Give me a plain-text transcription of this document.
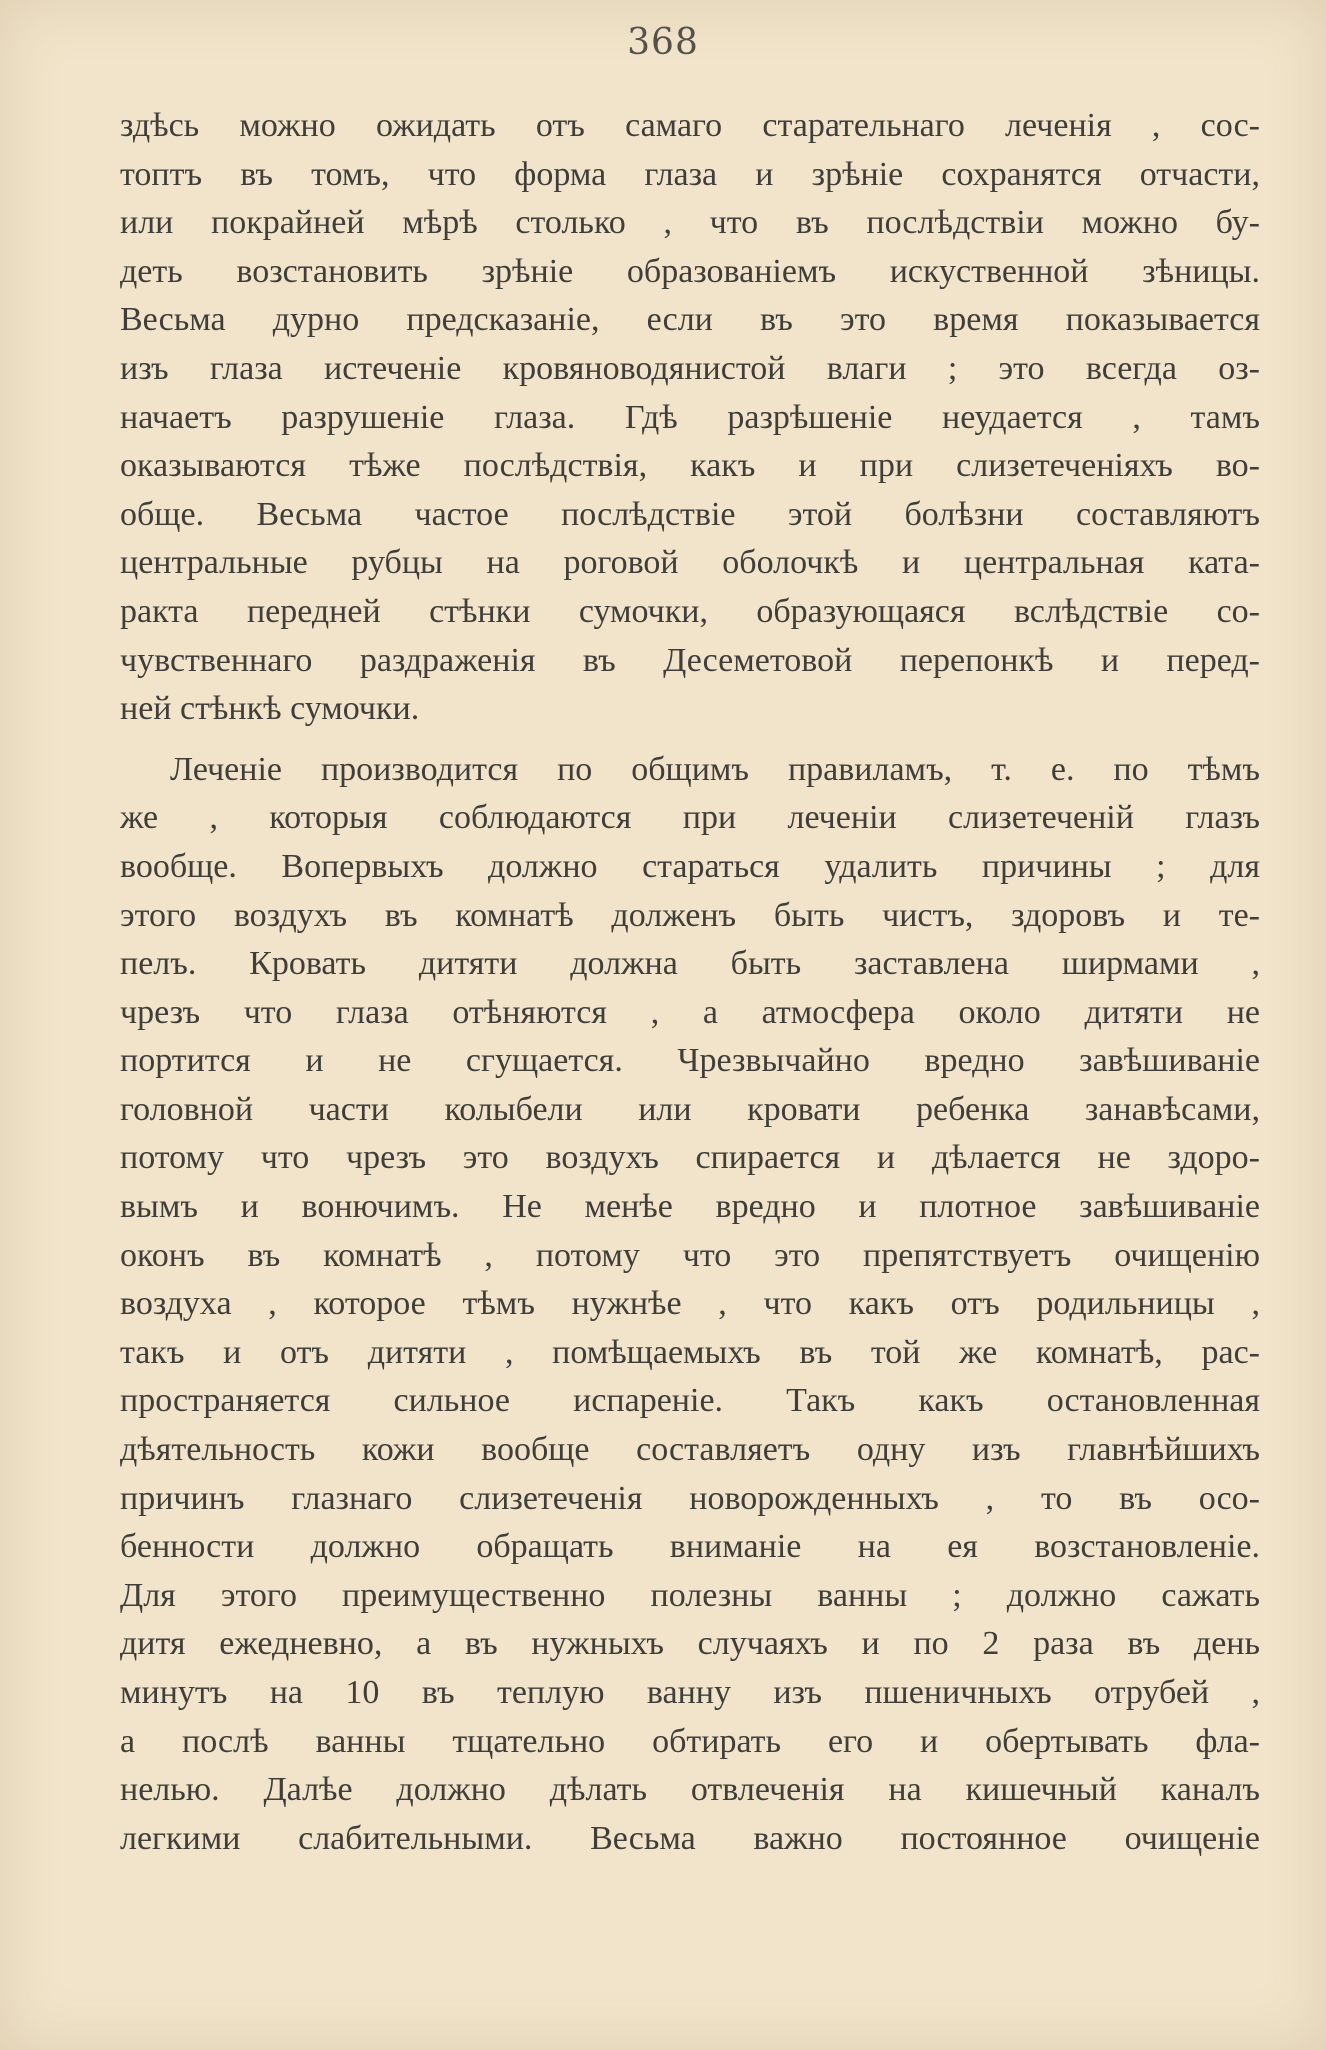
368
здѣсь можно ожидать отъ самаго старательнаго леченія , сос-
топтъ въ томъ, что форма глаза и зрѣніе сохранятся отчасти,
или покрайней мѣрѣ столько , что въ послѣдствіи можно бу-
деть возстановить зрѣніе образованіемъ искуственной зѣницы.
Весьма дурно предсказаніе, если въ это время показывается
изъ глаза истеченіе кровяноводянистой влаги ; это всегда оз-
начаетъ разрушеніе глаза. Гдѣ разрѣшеніе неудается , тамъ
оказываются тѣже послѣдствія, какъ и при слизетеченіяхъ во-
обще. Весьма частое послѣдствіе этой болѣзни составляютъ
центральные рубцы на роговой оболочкѣ и центральная ката-
ракта передней стѣнки сумочки, образующаяся вслѣдствіе со-
чувственнаго раздраженія въ Десеметовой перепонкѣ и перед-
ней стѣнкѣ сумочки.
Леченіе производится по общимъ правиламъ, т. е. по тѣмъ
же , которыя соблюдаются при леченіи слизетеченій глазъ
вообще. Вопервыхъ должно стараться удалить причины ; для
этого воздухъ въ комнатѣ долженъ быть чистъ, здоровъ и те-
пелъ. Кровать дитяти должна быть заставлена ширмами ,
чрезъ что глаза отѣняются , а атмосфера около дитяти не
портится и не сгущается. Чрезвычайно вредно завѣшиваніе
головной части колыбели или кровати ребенка занавѣсами,
потому что чрезъ это воздухъ спирается и дѣлается не здоро-
вымъ и вонючимъ. Не менѣе вредно и плотное завѣшиваніе
оконъ въ комнатѣ , потому что это препятствуетъ очищенію
воздуха , которое тѣмъ нужнѣе , что какъ отъ родильницы ,
такъ и отъ дитяти , помѣщаемыхъ въ той же комнатѣ, рас-
пространяется сильное испареніе. Такъ какъ остановленная
дѣятельность кожи вообще составляетъ одну изъ главнѣйшихъ
причинъ глазнаго слизетеченія новорожденныхъ , то въ осо-
бенности должно обращать вниманіе на ея возстановленіе.
Для этого преимущественно полезны ванны ; должно сажать
дитя ежедневно, а въ нужныхъ случаяхъ и по 2 раза въ день
минутъ на 10 въ теплую ванну изъ пшеничныхъ отрубей ,
а послѣ ванны тщательно обтирать его и обертывать фла-
нелью. Далѣе должно дѣлать отвлеченія на кишечный каналъ
легкими слабительными. Весьма важно постоянное очищеніе
